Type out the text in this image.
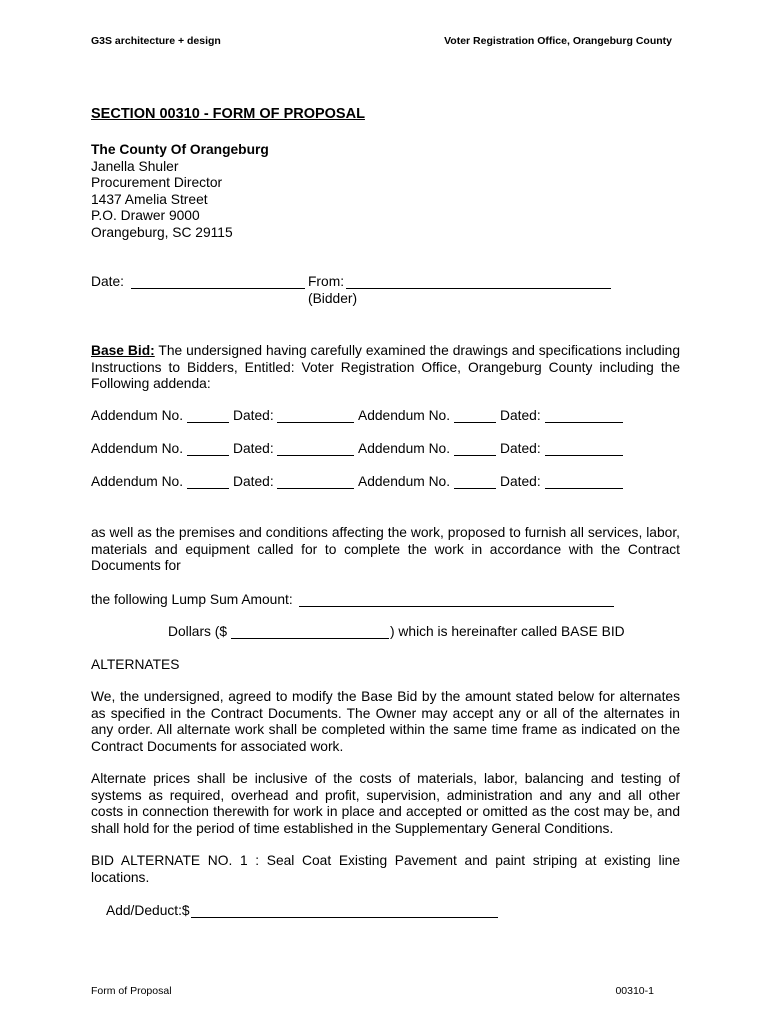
G3S architecture + design	Voter Registration Office, Orangeburg County
SECTION 00310 - FORM OF PROPOSAL
The County Of Orangeburg
Janella Shuler
Procurement Director
1437 Amelia Street
P.O. Drawer 9000
Orangeburg, SC 29115
Date:	From:
(Bidder)
Base Bid: The undersigned having carefully examined the drawings and specifications including Instructions to Bidders, Entitled: Voter Registration Office, Orangeburg County including the Following addenda:
Addendum No.	Dated:	Addendum No.	Dated:
Addendum No.	Dated:	Addendum No.	Dated:
Addendum No.	Dated:	Addendum No.	Dated:
as well as the premises and conditions affecting the work, proposed to furnish all services, labor, materials and equipment called for to complete the work in accordance with the Contract Documents for
the following Lump Sum Amount:
Dollars ($	) which is hereinafter called BASE BID
ALTERNATES
We, the undersigned, agreed to modify the Base Bid by the amount stated below for alternates as specified in the Contract Documents. The Owner may accept any or all of the alternates in any order. All alternate work shall be completed within the same time frame as indicated on the Contract Documents for associated work.
Alternate prices shall be inclusive of the costs of materials, labor, balancing and testing of systems as required, overhead and profit, supervision, administration and any and all other costs in connection therewith for work in place and accepted or omitted as the cost may be, and shall hold for the period of time established in the Supplementary General Conditions.
BID ALTERNATE NO. 1 : Seal Coat Existing Pavement and paint striping at existing line locations.
Add/Deduct:$
Form of Proposal	00310-1
